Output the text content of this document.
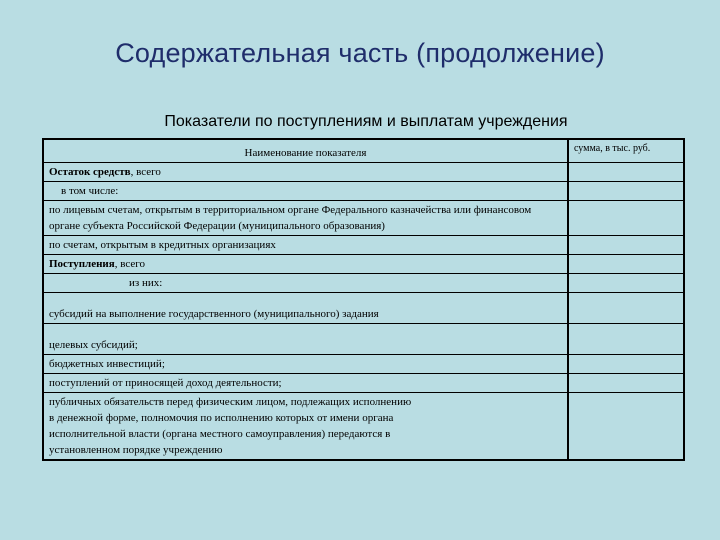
Содержательная часть (продолжение)
Показатели по поступлениям и выплатам учреждения
Наименование показателя	сумма, в тыс. руб.
Остаток средств, всего	
в том числе:	
по лицевым счетам, открытым в территориальном органе Федерального казначейства или финансовом органе субъекта Российской Федерации (муниципального образования)	
по счетам, открытым в кредитных организациях	
Поступления, всего	
из них:	
субсидий на выполнение государственного (муниципального) задания	
целевых субсидий;	
бюджетных инвестиций;	
поступлений от приносящей доход деятельности;	
публичных обязательств перед физическим лицом, подлежащих исполнению в денежной форме, полномочия по исполнению которых от имени органа исполнительной власти (органа местного самоуправления) передаются в установленном порядке учреждению	
